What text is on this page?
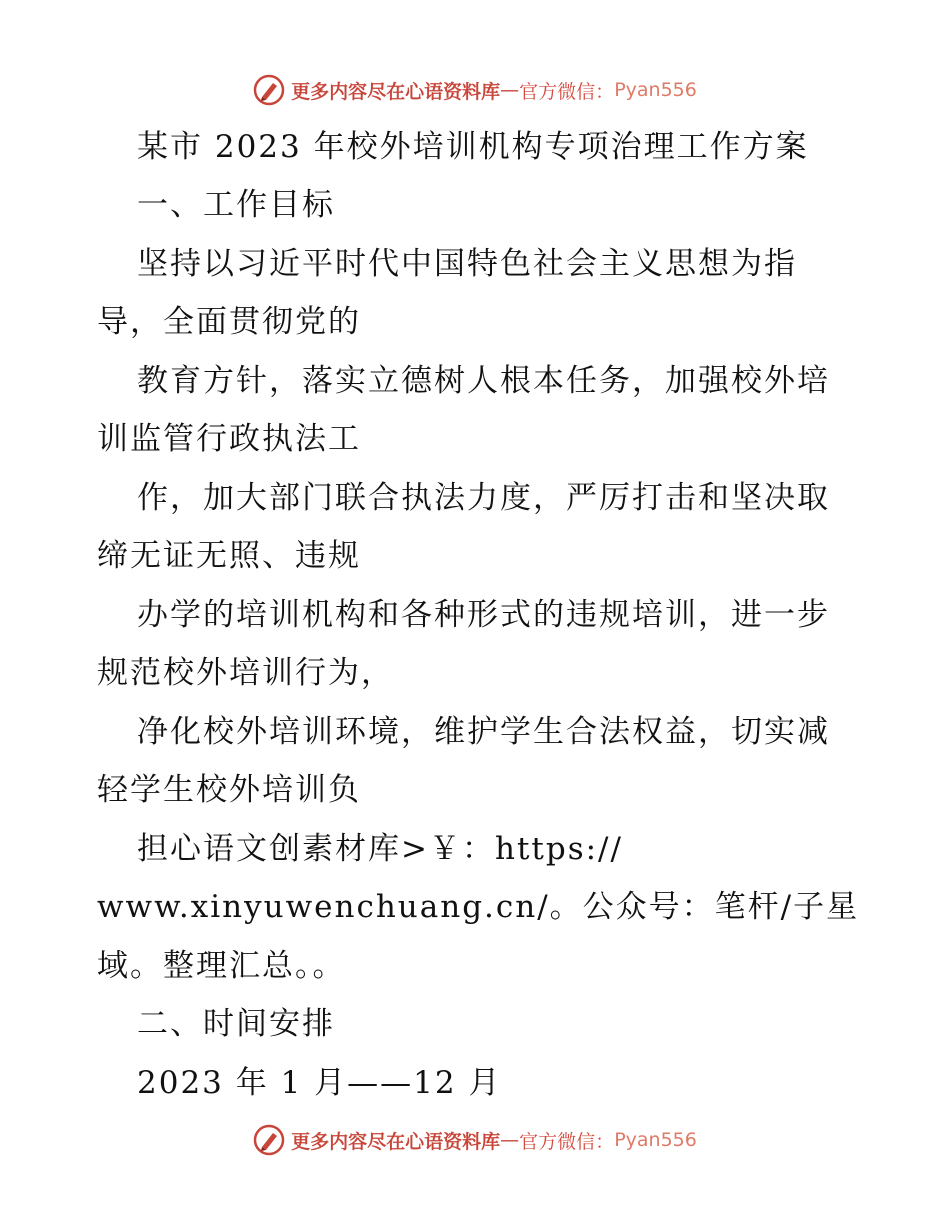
更多内容尽在心语资料库 — 官方微信： Pyan556
某市 2023 年校外培训机构专项治理工作方案
一、工作目标
坚持以习近平时代中国特色社会主义思想为指
导，全面贯彻党的
教育方针，落实立德树人根本任务，加强校外培
训监管行政执法工
作，加大部门联合执法力度，严厉打击和坚决取
缔无证无照、违规
办学的培训机构和各种形式的违规培训，进一步
规范校外培训行为，
净化校外培训环境，维护学生合法权益，切实减
轻学生校外培训负
担心语文创素材库>￥：https://
www.xinyuwenchuang.cn/。公众号：笔杆/子星
域。整理汇总。。
二、时间安排
2023 年 1 月——12 月
更多内容尽在心语资料库 — 官方微信： Pyan556
